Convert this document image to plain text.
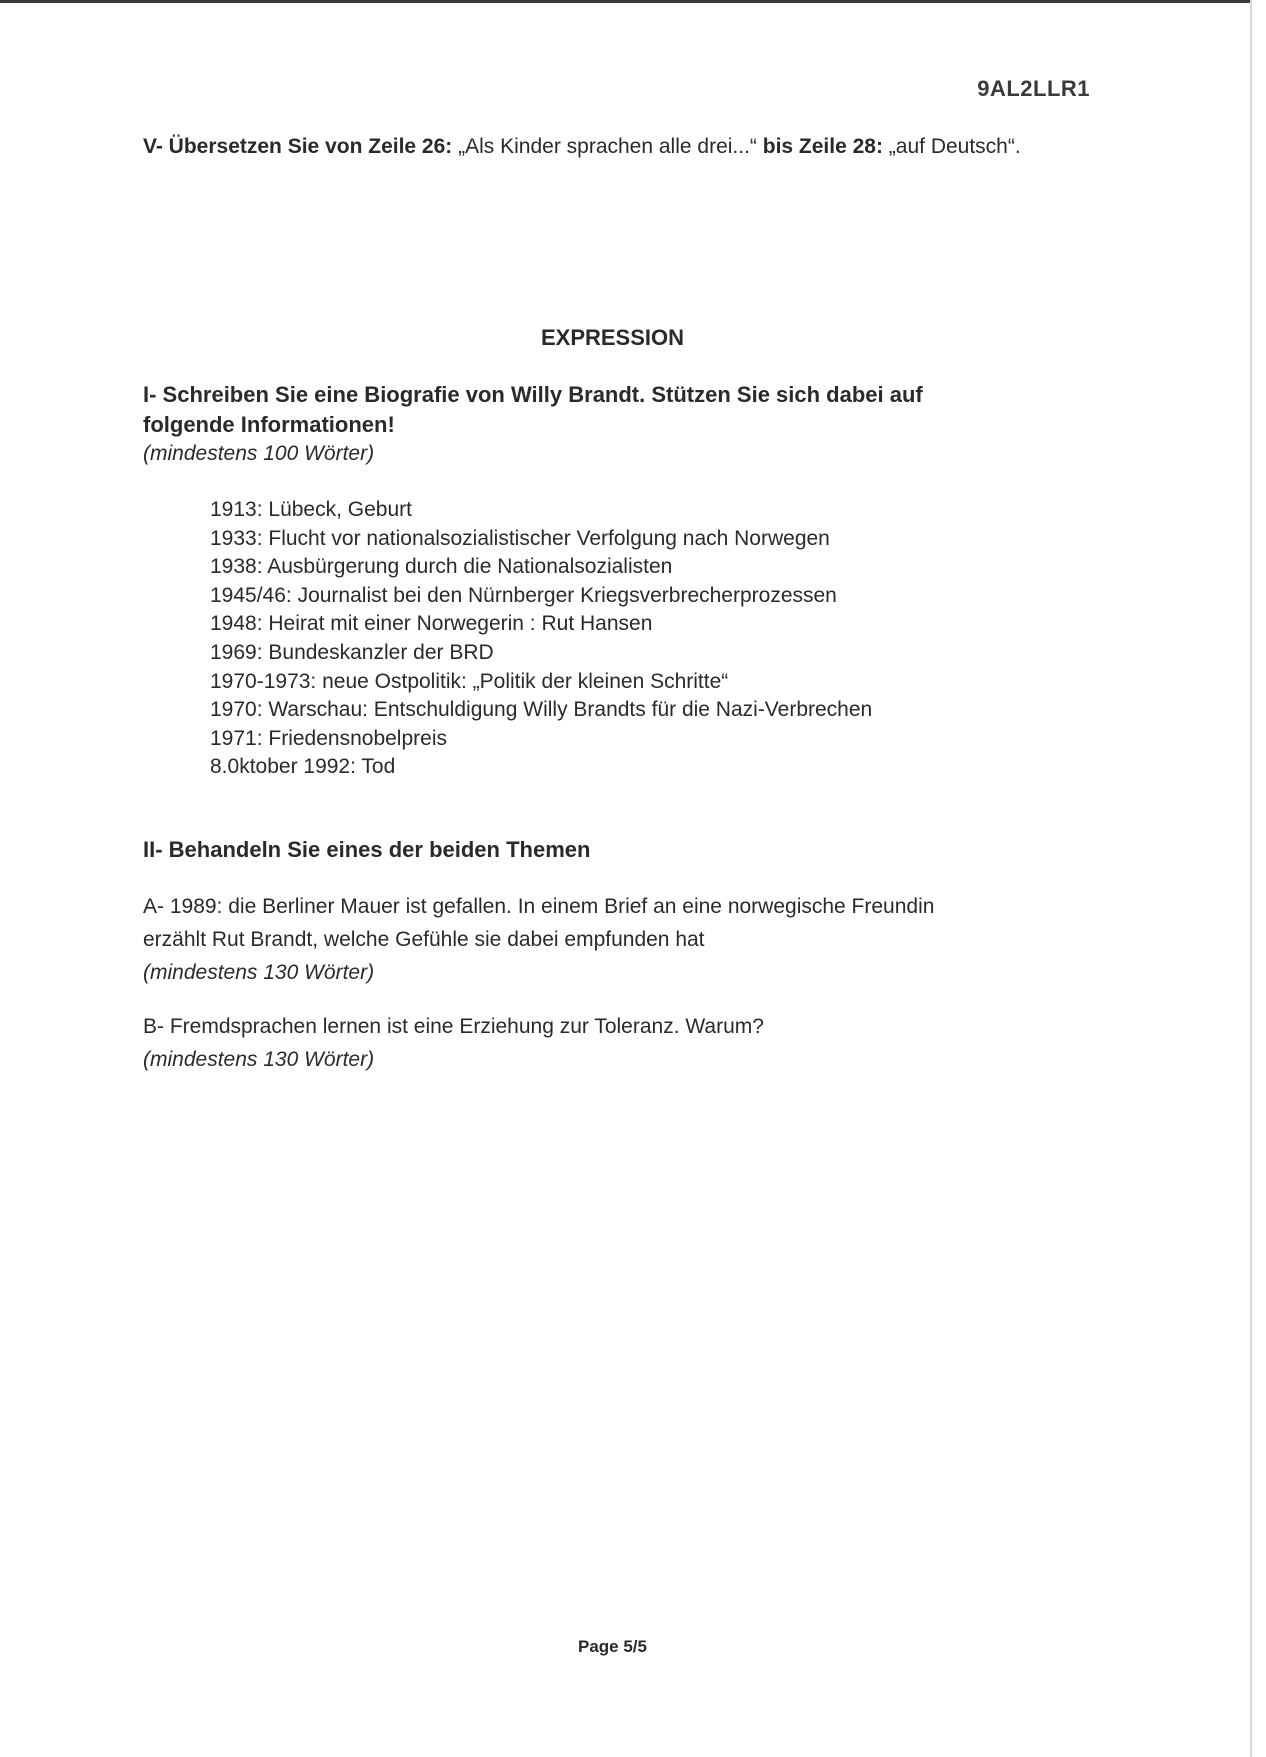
9AL2LLR1
V- Übersetzen Sie von Zeile 26: „Als Kinder sprachen alle drei...“ bis Zeile 28: „auf Deutsch“.
EXPRESSION
I- Schreiben Sie eine Biografie von Willy Brandt. Stützen Sie sich dabei auf
folgende Informationen!
(mindestens 100 Wörter)
1913: Lübeck, Geburt
1933: Flucht vor nationalsozialistischer Verfolgung nach Norwegen
1938: Ausbürgerung durch die Nationalsozialisten
1945/46: Journalist bei den Nürnberger Kriegsverbrecherprozessen
1948: Heirat mit einer Norwegerin : Rut Hansen
1969: Bundeskanzler der BRD
1970-1973: neue Ostpolitik: „Politik der kleinen Schritte“
1970: Warschau: Entschuldigung Willy Brandts für die Nazi-Verbrechen
1971: Friedensnobelpreis
8.0ktober 1992: Tod
II- Behandeln Sie eines der beiden Themen
A- 1989: die Berliner Mauer ist gefallen. In einem Brief an eine norwegische Freundin
erzählt Rut Brandt, welche Gefühle sie dabei empfunden hat
(mindestens 130 Wörter)
B- Fremdsprachen lernen ist eine Erziehung zur Toleranz. Warum?
(mindestens 130 Wörter)
Page 5/5
